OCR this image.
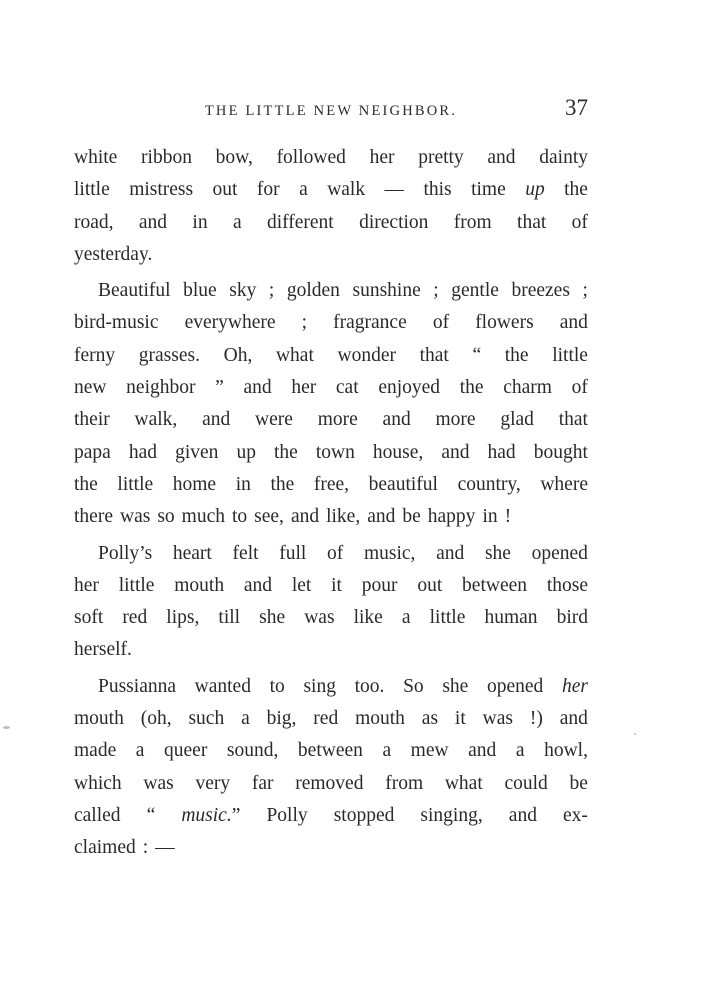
THE LITTLE NEW NEIGHBOR.	37
white ribbon bow, followed her pretty and dainty
little mistress out for a walk — this time up the
road, and in a different direction from that of
yesterday.
Beautiful blue sky ; golden sunshine ; gentle breezes ;
bird-music everywhere ; fragrance of flowers and
ferny grasses. Oh, what wonder that “ the little
new neighbor ” and her cat enjoyed the charm of
their walk, and were more and more glad that
papa had given up the town house, and had bought
the little home in the free, beautiful country, where
there was so much to see, and like, and be happy in !
Polly’s heart felt full of music, and she opened
her little mouth and let it pour out between those
soft red lips, till she was like a little human bird
herself.
Pussianna wanted to sing too. So she opened her
mouth (oh, such a big, red mouth as it was !) and
made a queer sound, between a mew and a howl,
which was very far removed from what could be
called “ music.” Polly stopped singing, and ex-
claimed : —
